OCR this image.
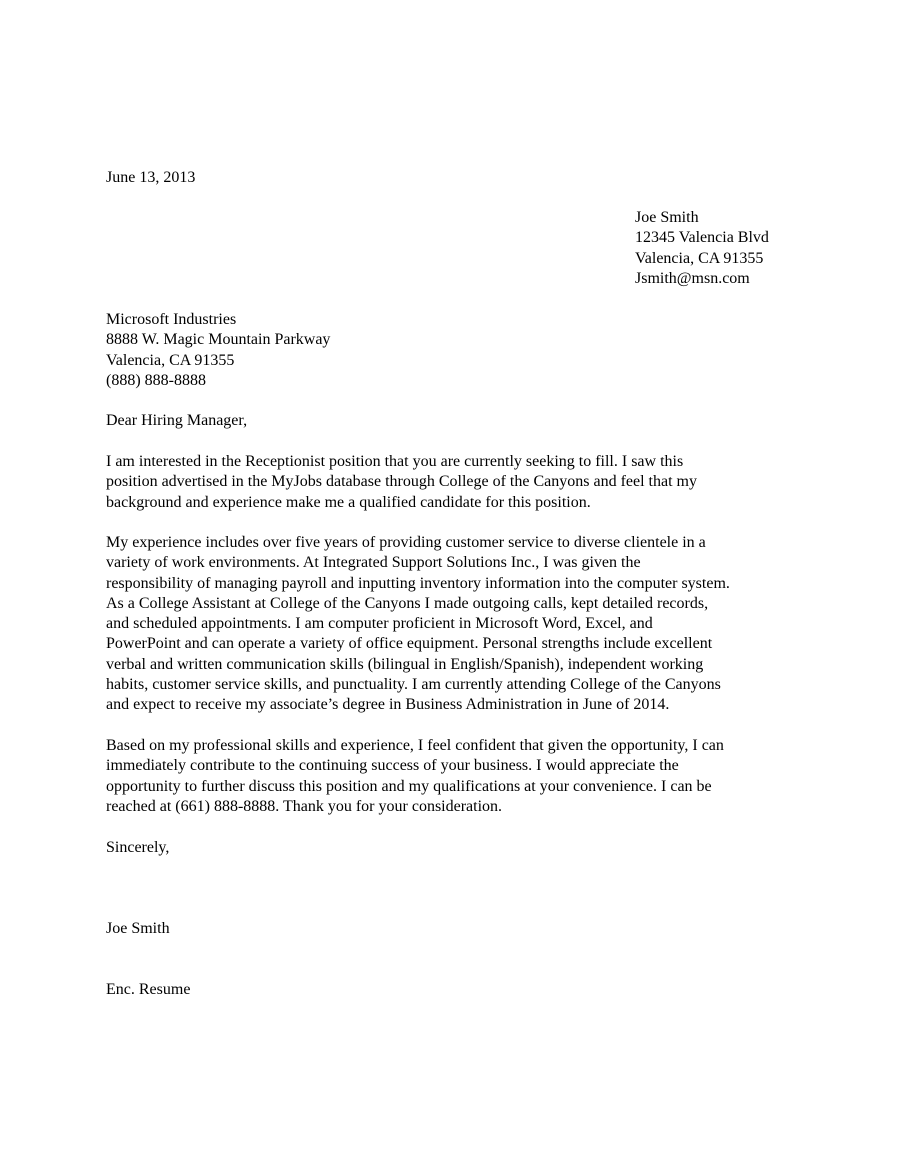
June 13, 2013
Joe Smith
12345 Valencia Blvd
Valencia, CA 91355
Jsmith@msn.com
Microsoft Industries
8888 W. Magic Mountain Parkway
Valencia, CA 91355
(888) 888-8888
Dear Hiring Manager,
I am interested in the Receptionist position that you are currently seeking to fill. I saw this
position advertised in the MyJobs database through College of the Canyons and feel that my
background and experience make me a qualified candidate for this position.
My experience includes over five years of providing customer service to diverse clientele in a
variety of work environments. At Integrated Support Solutions Inc., I was given the
responsibility of managing payroll and inputting inventory information into the computer system.
As a College Assistant at College of the Canyons I made outgoing calls, kept detailed records,
and scheduled appointments. I am computer proficient in Microsoft Word, Excel, and
PowerPoint and can operate a variety of office equipment. Personal strengths include excellent
verbal and written communication skills (bilingual in English/Spanish), independent working
habits, customer service skills, and punctuality. I am currently attending College of the Canyons
and expect to receive my associate’s degree in Business Administration in June of 2014.
Based on my professional skills and experience, I feel confident that given the opportunity, I can
immediately contribute to the continuing success of your business. I would appreciate the
opportunity to further discuss this position and my qualifications at your convenience. I can be
reached at (661) 888-8888. Thank you for your consideration.
Sincerely,
Joe Smith
Enc. Resume
